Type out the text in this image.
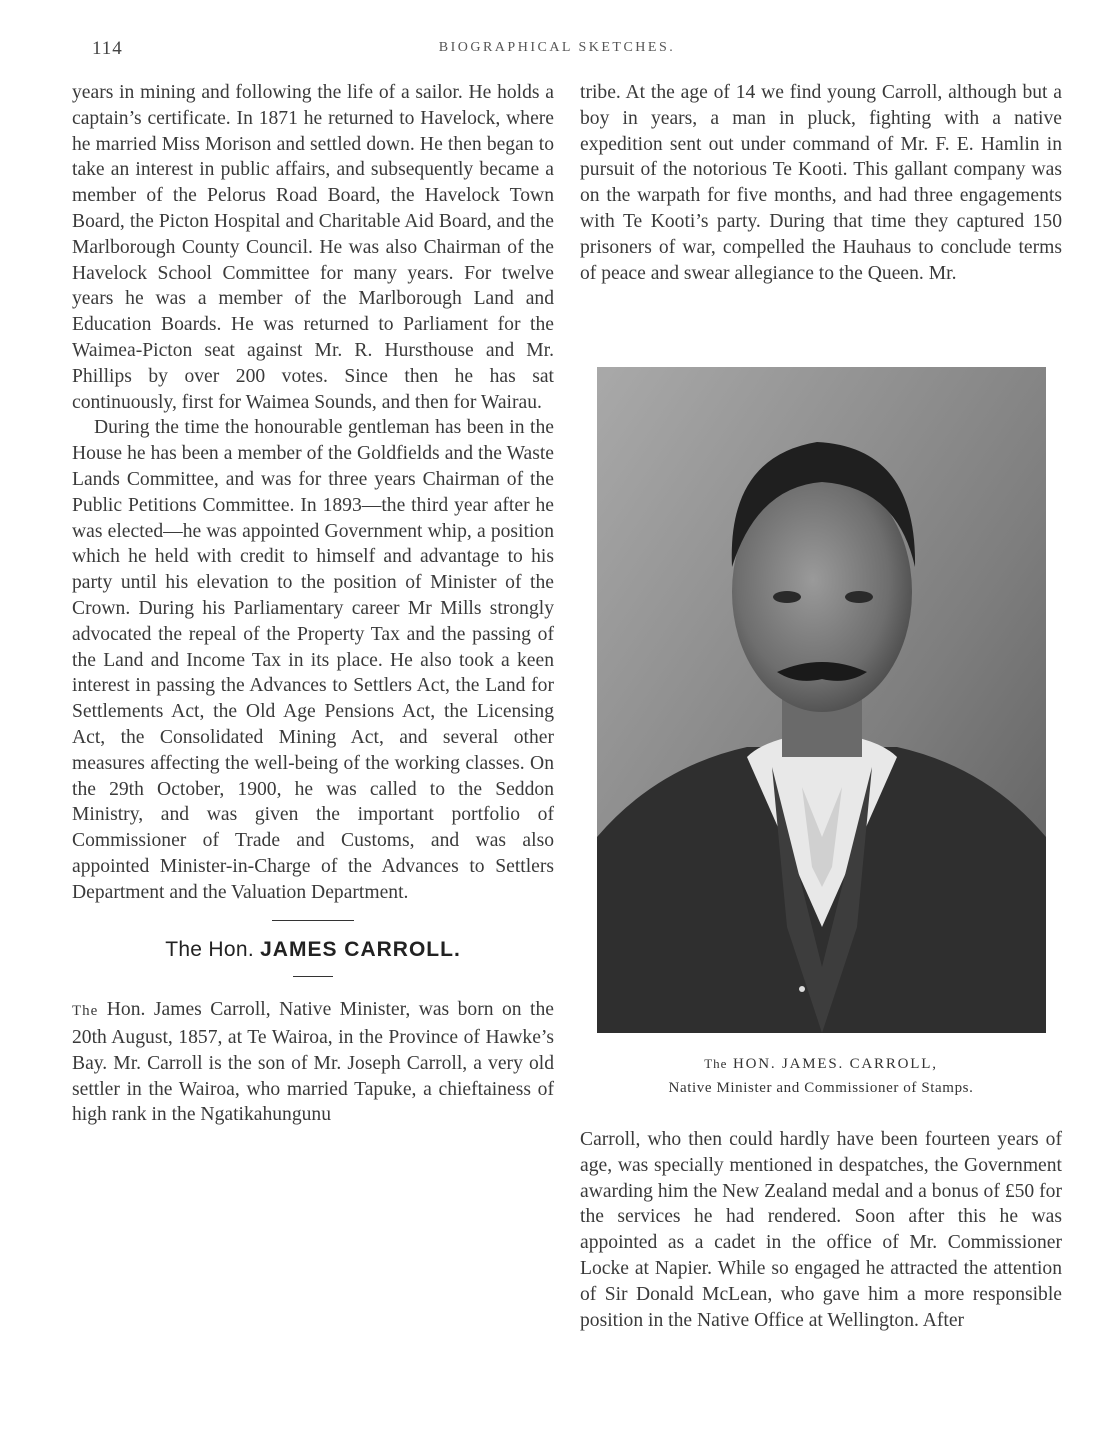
114	BIOGRAPHICAL SKETCHES.

years in mining and following the life of a sailor. He holds a captain’s certificate. In 1871 he returned to Havelock, where he married Miss Morison and settled down. He then began to take an interest in public affairs, and subsequently became a member of the Pelorus Road Board, the Havelock Town Board, the Picton Hospital and Charitable Aid Board, and the Marlborough County Council. He was also Chairman of the Havelock School Committee for many years. For twelve years he was a member of the Marlborough Land and Education Boards. He was returned to Parliament for the Waimea-Picton seat against Mr. R. Hursthouse and Mr. Phillips by over 200 votes. Since then he has sat continuously, first for Waimea Sounds, and then for Wairau.

During the time the honourable gentleman has been in the House he has been a member of the Goldfields and the Waste Lands Committee, and was for three years Chairman of the Public Petitions Committee. In 1893—the third year after he was elected—he was appointed Government whip, a position which he held with credit to himself and advantage to his party until his elevation to the position of Minister of the Crown. During his Parliamentary career Mr Mills strongly advocated the repeal of the Property Tax and the passing of the Land and Income Tax in its place. He also took a keen interest in passing the Advances to Settlers Act, the Land for Settlements Act, the Old Age Pensions Act, the Licensing Act, the Consolidated Mining Act, and several other measures affecting the well-being of the working classes. On the 29th October, 1900, he was called to the Seddon Ministry, and was given the important portfolio of Commissioner of Trade and Customs, and was also appointed Minister-in-Charge of the Advances to Settlers Department and the Valuation Department.

The Hon. JAMES CARROLL.

The Hon. James Carroll, Native Minister, was born on the 20th August, 1857, at Te Wairoa, in the Province of Hawke’s Bay. Mr. Carroll is the son of Mr. Joseph Carroll, a very old settler in the Wairoa, who married Tapuke, a chieftainess of high rank in the Ngatikahungunu

tribe. At the age of 14 we find young Carroll, although but a boy in years, a man in pluck, fighting with a native expedition sent out under command of Mr. F. E. Hamlin in pursuit of the notorious Te Kooti. This gallant company was on the warpath for five months, and had three engagements with Te Kooti’s party. During that time they captured 150 prisoners of war, compelled the Hauhaus to conclude terms of peace and swear allegiance to the Queen. Mr.

The HON. JAMES. CARROLL,
Native Minister and Commissioner of Stamps.

Carroll, who then could hardly have been fourteen years of age, was specially mentioned in despatches, the Government awarding him the New Zealand medal and a bonus of £50 for the services he had rendered. Soon after this he was appointed as a cadet in the office of Mr. Commissioner Locke at Napier. While so engaged he attracted the attention of Sir Donald McLean, who gave him a more responsible position in the Native Office at Wellington. After
